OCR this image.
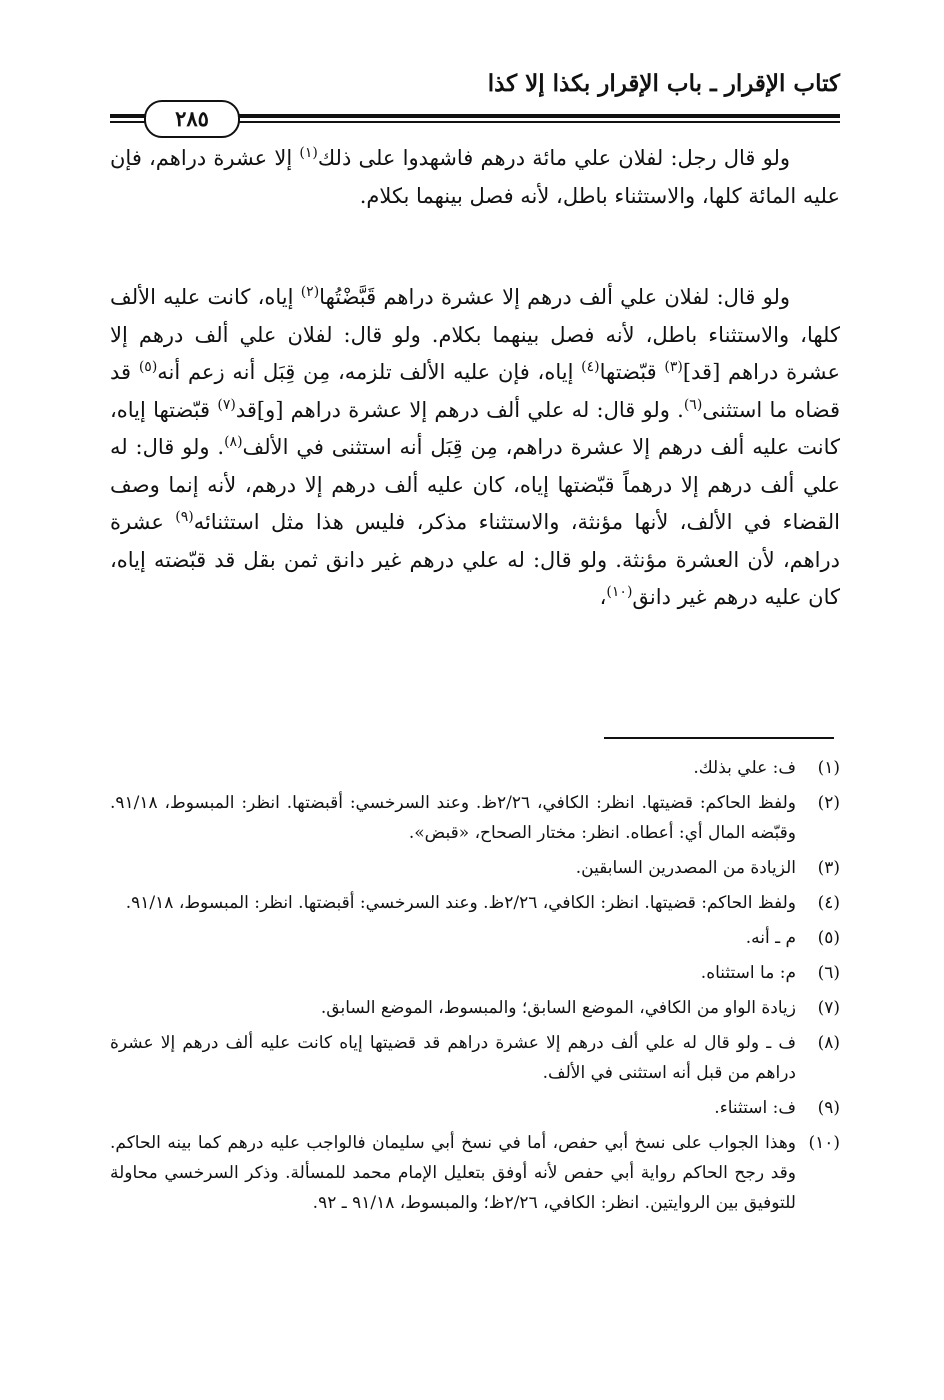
كتاب الإقرار ـ باب الإقرار بكذا إلا كذا
٢٨٥

ولو قال رجل: لفلان علي مائة درهم فاشهدوا على ذلك$^{(١)}$ إلا عشرة دراهم، فإن عليه المائة كلها، والاستثناء باطل، لأنه فصل بينهما بكلام.

ولو قال: لفلان علي ألف درهم إلا عشرة دراهم قَبَّضْتُها$^{(٢)}$ إياه، كانت عليه الألف كلها، والاستثناء باطل، لأنه فصل بينهما بكلام. ولو قال: لفلان علي ألف درهم إلا عشرة دراهم [قد]$^{(٣)}$ قبّضتها$^{(٤)}$ إياه، فإن عليه الألف تلزمه، مِن قِبَل أنه زعم أنه$^{(٥)}$ قد قضاه ما استثنى$^{(٦)}$. ولو قال: له علي ألف درهم إلا عشرة دراهم [و]قد$^{(٧)}$ قبّضتها إياه، كانت عليه ألف درهم إلا عشرة دراهم، مِن قِبَل أنه استثنى في الألف$^{(٨)}$. ولو قال: له علي ألف درهم إلا درهماً قبّضتها إياه، كان عليه ألف درهم إلا درهم، لأنه إنما وصف القضاء في الألف، لأنها مؤنثة، والاستثناء مذكر، فليس هذا مثل استثنائه$^{(٩)}$ عشرة دراهم، لأن العشرة مؤنثة. ولو قال: له علي درهم غير دانق ثمن بقل قد قبّضته إياه، كان عليه درهم غير دانق$^{(١٠)}$،

(١)
ف: علي بذلك.
(٢)
ولفظ الحاكم: قضيتها. انظر: الكافي، ٢/٢٦ظ. وعند السرخسي: أقبضتها. انظر: المبسوط، ٩١/١٨. وقبّضه المال أي: أعطاه. انظر: مختار الصحاح، «قبض».
(٣)
الزيادة من المصدرين السابقين.
(٤)
ولفظ الحاكم: قضيتها. انظر: الكافي، ٢/٢٦ظ. وعند السرخسي: أقبضتها. انظر: المبسوط، ٩١/١٨.
(٥)
م ـ أنه.
(٦)
م: ما استثناه.
(٧)
زيادة الواو من الكافي، الموضع السابق؛ والمبسوط، الموضع السابق.
(٨)
ف ـ ولو قال له علي ألف درهم إلا عشرة دراهم قد قضيتها إياه كانت عليه ألف درهم إلا عشرة دراهم من قبل أنه استثنى في الألف.
(٩)
ف: استثناء.
(١٠)
وهذا الجواب على نسخ أبي حفص، أما في نسخ أبي سليمان فالواجب عليه درهم كما بينه الحاكم. وقد رجح الحاكم رواية أبي حفص لأنه أوفق بتعليل الإمام محمد للمسألة. وذكر السرخسي محاولة للتوفيق بين الروايتين. انظر: الكافي، ٢/٢٦ظ؛ والمبسوط، ٩١/١٨ ـ ٩٢.
